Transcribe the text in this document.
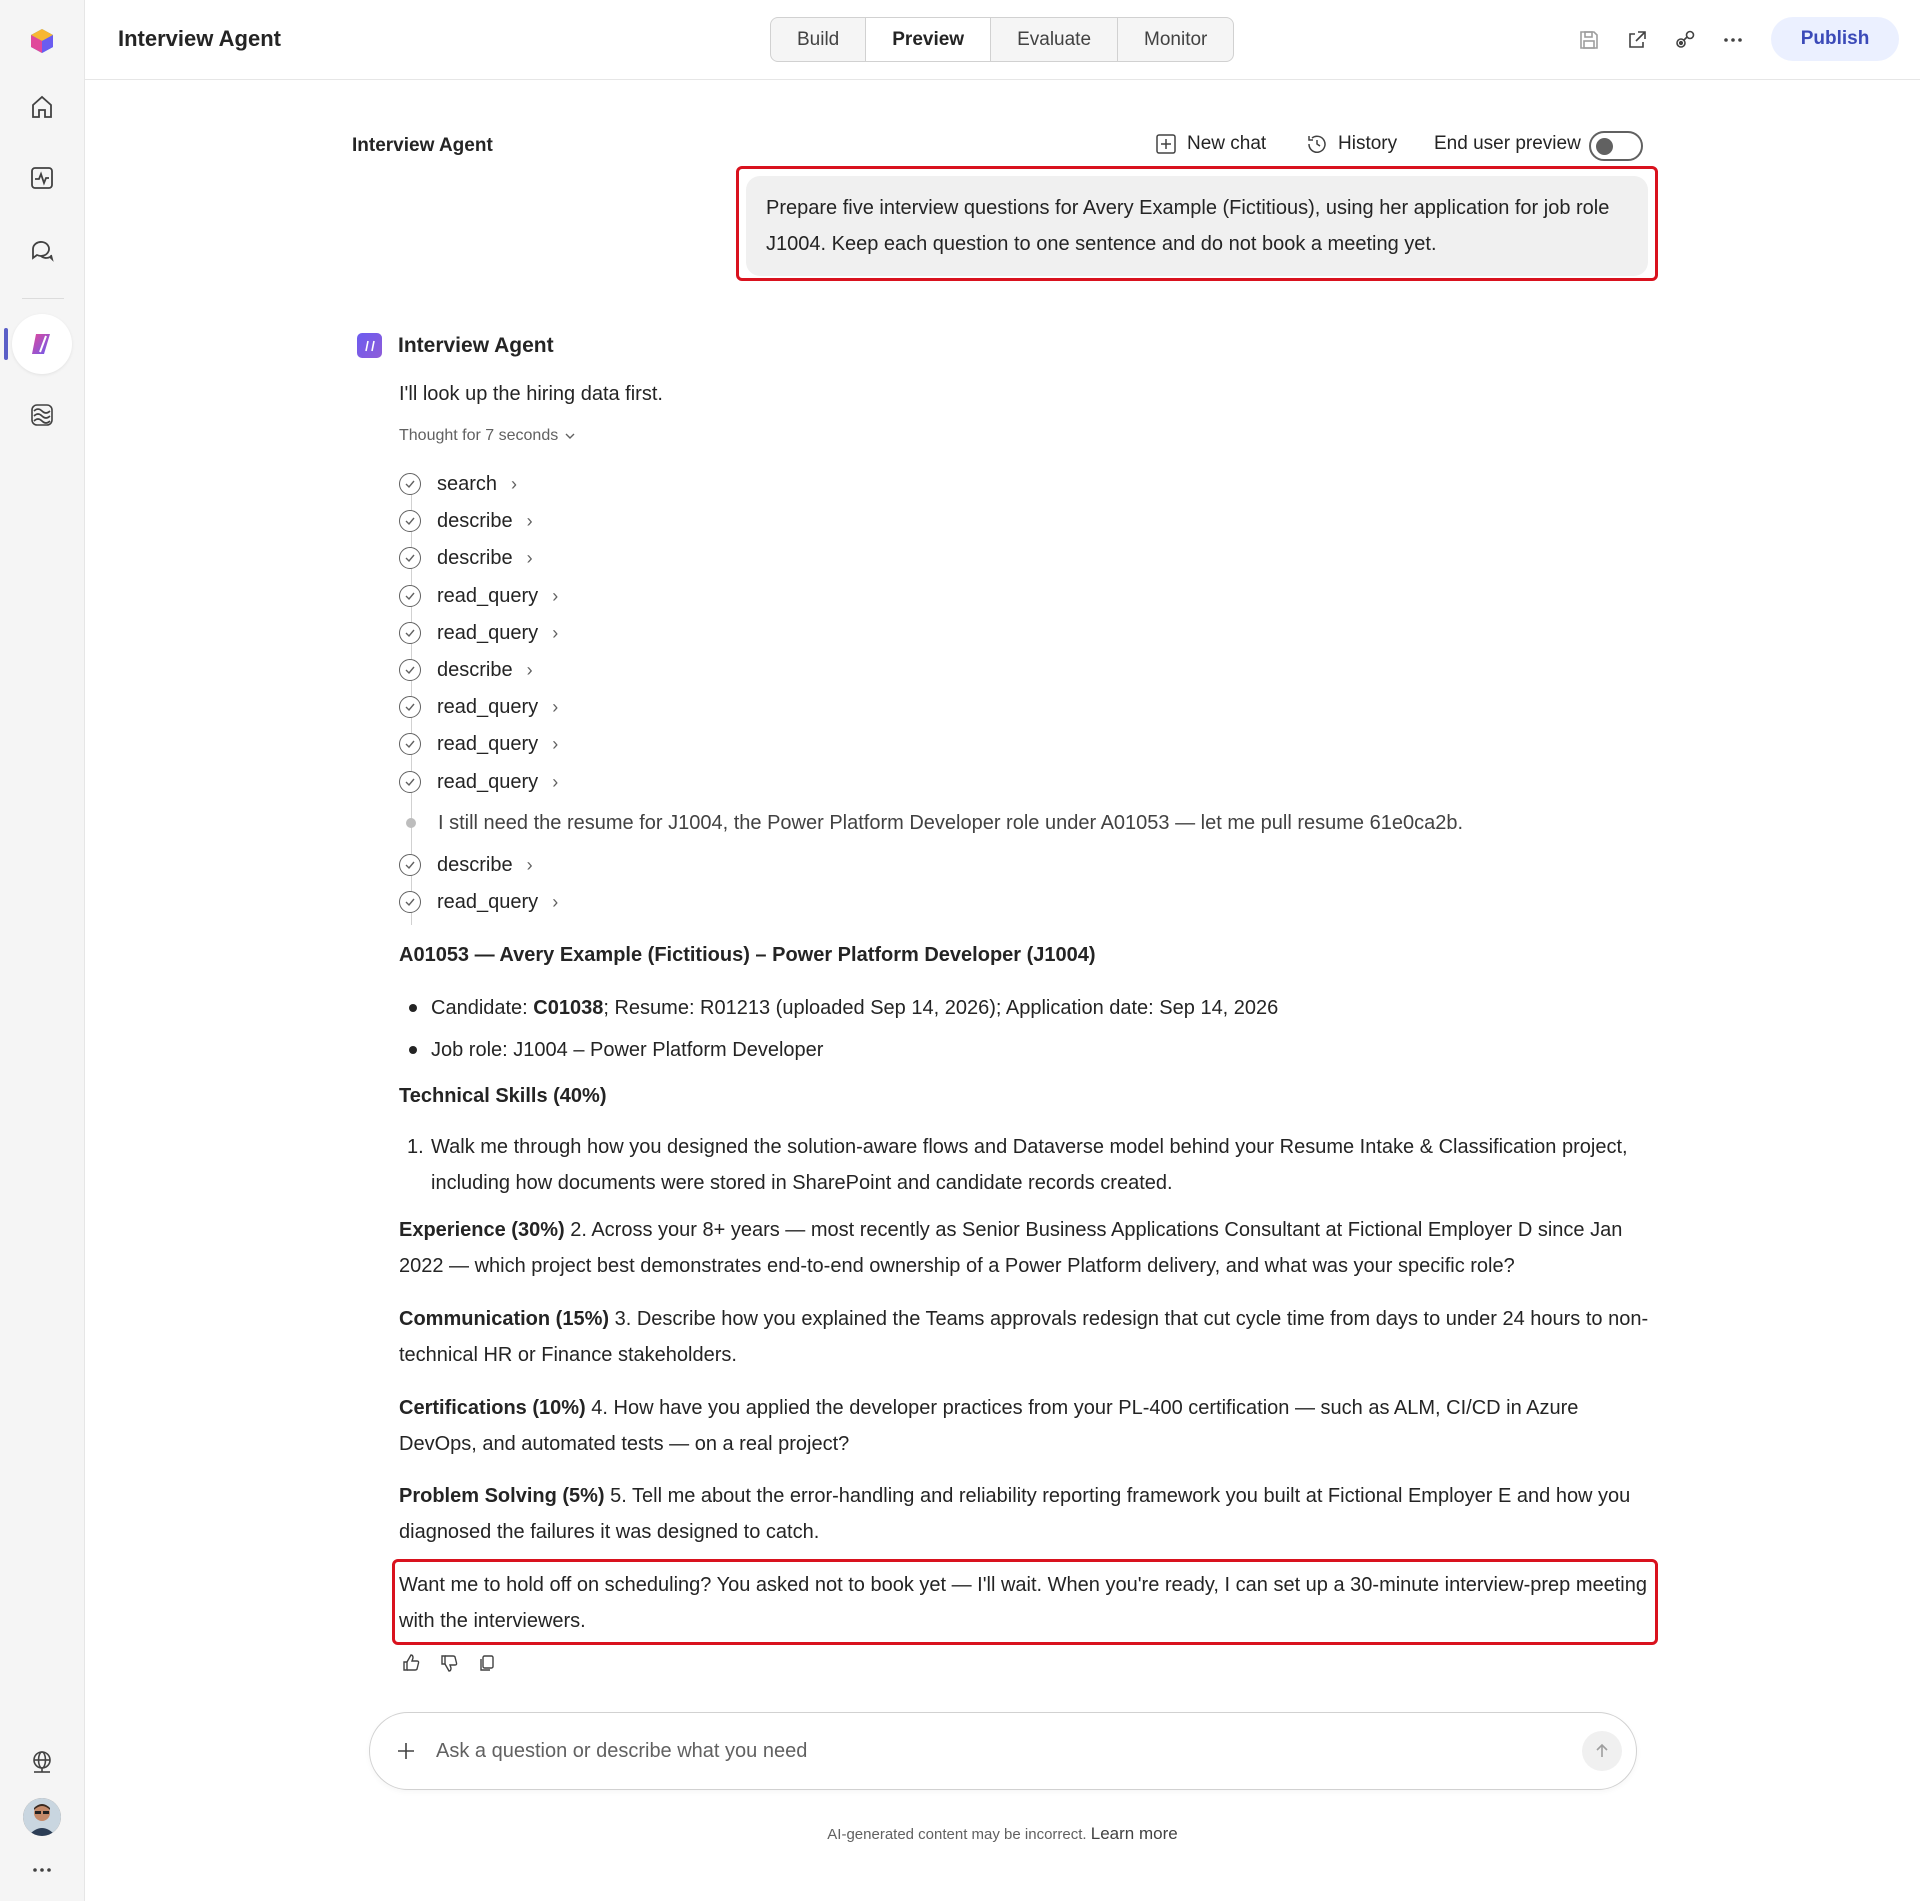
Interview Agent	Build	Preview	Evaluate	Monitor	Publish
Interview Agent	New chat	History End user preview
Prepare five interview questions for Avery Example (Fictitious), using her application for job role J1004. Keep each question to one sentence and do not book a meeting yet.
Interview Agent
I'll look up the hiring data first.
Thought for 7 seconds
search ›
describe ›
describe ›
read_query ›
read_query ›
describe ›
read_query ›
read_query ›
read_query ›
I still need the resume for J1004, the Power Platform Developer role under A01053 — let me pull resume 61e0ca2b.
describe ›
read_query ›
A01053 — Avery Example (Fictitious) – Power Platform Developer (J1004)
Candidate: C01038; Resume: R01213 (uploaded Sep 14, 2026); Application date: Sep 14, 2026
Job role: J1004 – Power Platform Developer
Technical Skills (40%)
1. Walk me through how you designed the solution-aware flows and Dataverse model behind your Resume Intake & Classification project, including how documents were stored in SharePoint and candidate records created.
Experience (30%) 2. Across your 8+ years — most recently as Senior Business Applications Consultant at Fictional Employer D since Jan 2022 — which project best demonstrates end-to-end ownership of a Power Platform delivery, and what was your specific role?
Communication (15%) 3. Describe how you explained the Teams approvals redesign that cut cycle time from days to under 24 hours to non-technical HR or Finance stakeholders.
Certifications (10%) 4. How have you applied the developer practices from your PL-400 certification — such as ALM, CI/CD in Azure DevOps, and automated tests — on a real project?
Problem Solving (5%) 5. Tell me about the error-handling and reliability reporting framework you built at Fictional Employer E and how you diagnosed the failures it was designed to catch.
Want me to hold off on scheduling? You asked not to book yet — I'll wait. When you're ready, I can set up a 30-minute interview-prep meeting with the interviewers.
Ask a question or describe what you need
AI-generated content may be incorrect. Learn more
